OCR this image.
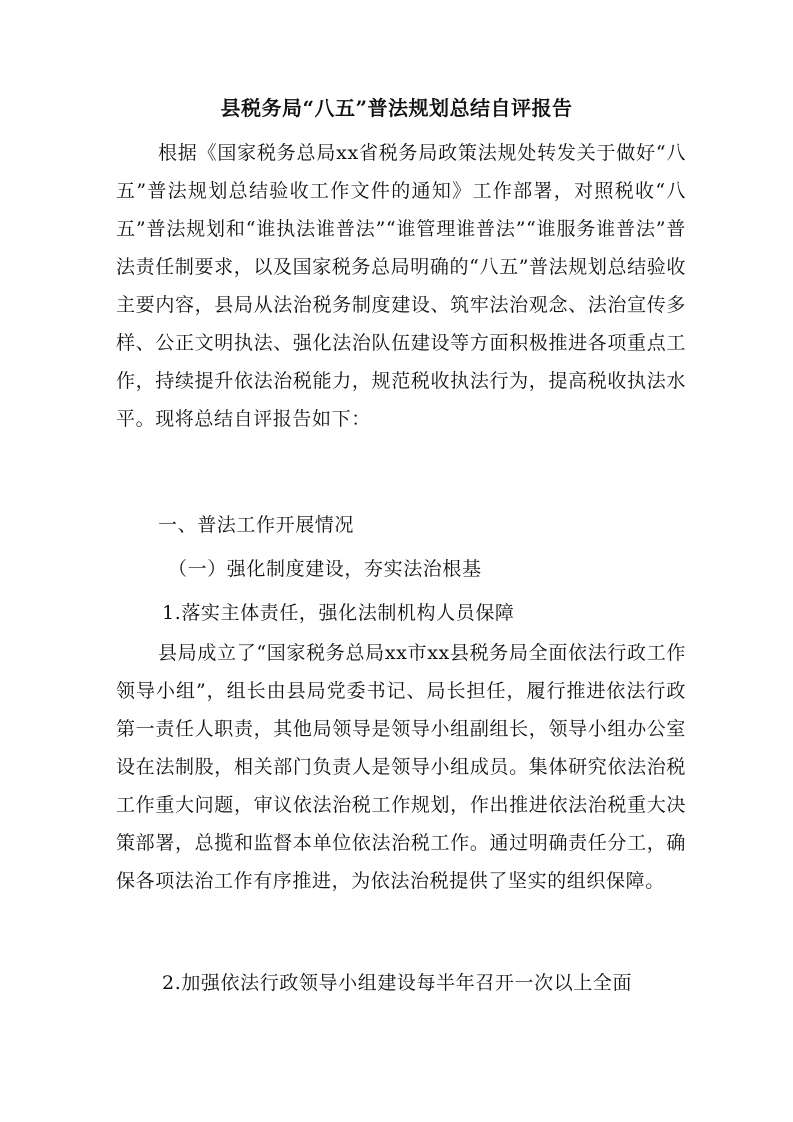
县税务局“八五”普法规划总结自评报告
根据《国家税务总局xx省税务局政策法规处转发关于做好“八五”普法规划总结验收工作文件的通知》工作部署，对照税收“八五”普法规划和“谁执法谁普法”“谁管理谁普法”“谁服务谁普法”普法责任制要求，以及国家税务总局明确的“八五”普法规划总结验收主要内容，县局从法治税务制度建设、筑牢法治观念、法治宣传多样、公正文明执法、强化法治队伍建设等方面积极推进各项重点工作，持续提升依法治税能力，规范税收执法行为，提高税收执法水平。现将总结自评报告如下：
一、普法工作开展情况
（一）强化制度建设，夯实法治根基
1.落实主体责任，强化法制机构人员保障
县局成立了“国家税务总局xx市xx县税务局全面依法行政工作领导小组”，组长由县局党委书记、局长担任，履行推进依法行政第一责任人职责，其他局领导是领导小组副组长，领导小组办公室设在法制股，相关部门负责人是领导小组成员。集体研究依法治税工作重大问题，审议依法治税工作规划，作出推进依法治税重大决策部署，总揽和监督本单位依法治税工作。通过明确责任分工，确保各项法治工作有序推进，为依法治税提供了坚实的组织保障。
2.加强依法行政领导小组建设每半年召开一次以上全面
